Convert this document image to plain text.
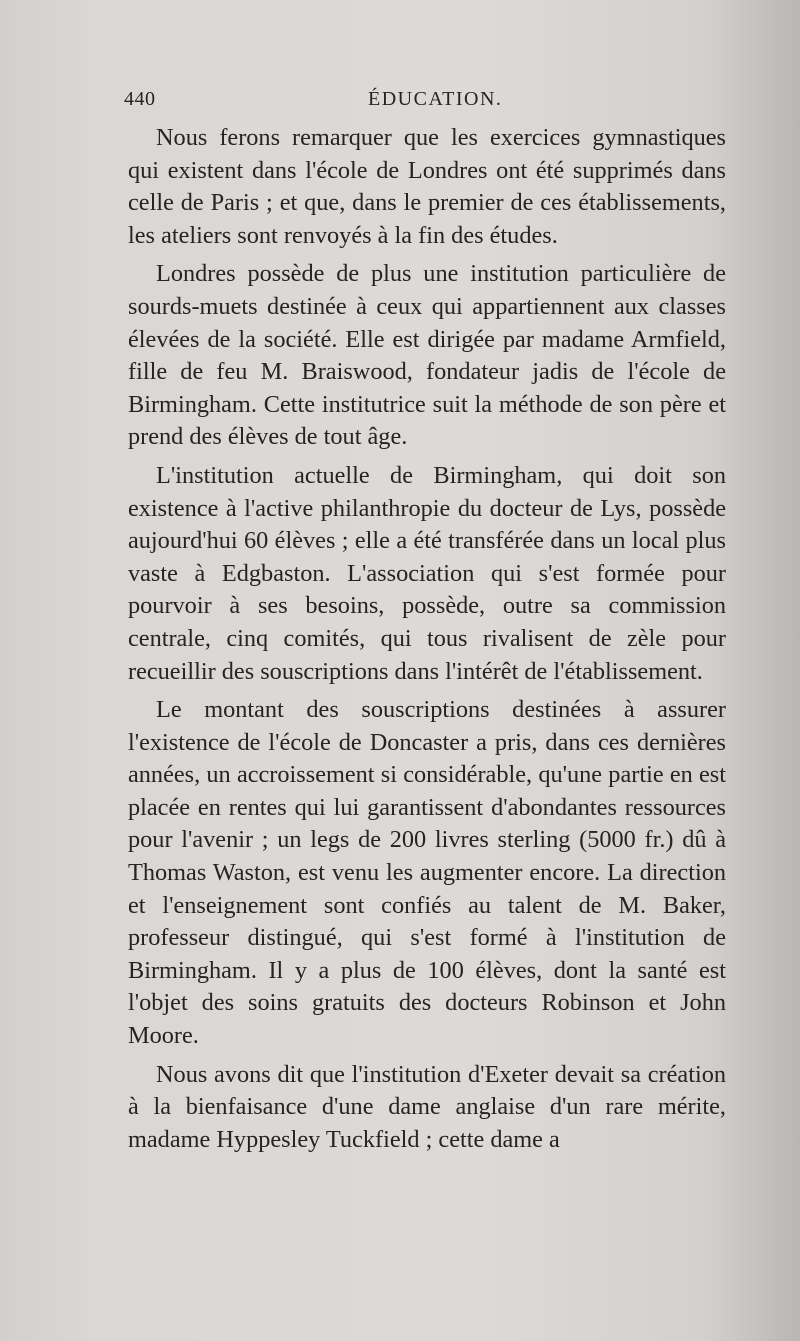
440	ÉDUCATION.

Nous ferons remarquer que les exercices gymnastiques qui existent dans l'école de Londres ont été supprimés dans celle de Paris ; et que, dans le premier de ces établissements, les ateliers sont renvoyés à la fin des études.

Londres possède de plus une institution particulière de sourds-muets destinée à ceux qui appartiennent aux classes élevées de la société. Elle est dirigée par madame Armfield, fille de feu M. Braiswood, fondateur jadis de l'école de Birmingham. Cette institutrice suit la méthode de son père et prend des élèves de tout âge.

L'institution actuelle de Birmingham, qui doit son existence à l'active philanthropie du docteur de Lys, possède aujourd'hui 60 élèves ; elle a été transférée dans un local plus vaste à Edgbaston. L'association qui s'est formée pour pourvoir à ses besoins, possède, outre sa commission centrale, cinq comités, qui tous rivalisent de zèle pour recueillir des souscriptions dans l'intérêt de l'établissement.

Le montant des souscriptions destinées à assurer l'existence de l'école de Doncaster a pris, dans ces dernières années, un accroissement si considérable, qu'une partie en est placée en rentes qui lui garantissent d'abondantes ressources pour l'avenir ; un legs de 200 livres sterling (5000 fr.) dû à Thomas Waston, est venu les augmenter encore. La direction et l'enseignement sont confiés au talent de M. Baker, professeur distingué, qui s'est formé à l'institution de Birmingham. Il y a plus de 100 élèves, dont la santé est l'objet des soins gratuits des docteurs Robinson et John Moore.

Nous avons dit que l'institution d'Exeter devait sa création à la bienfaisance d'une dame anglaise d'un rare mérite, madame Hyppesley Tuckfield ; cette dame a
